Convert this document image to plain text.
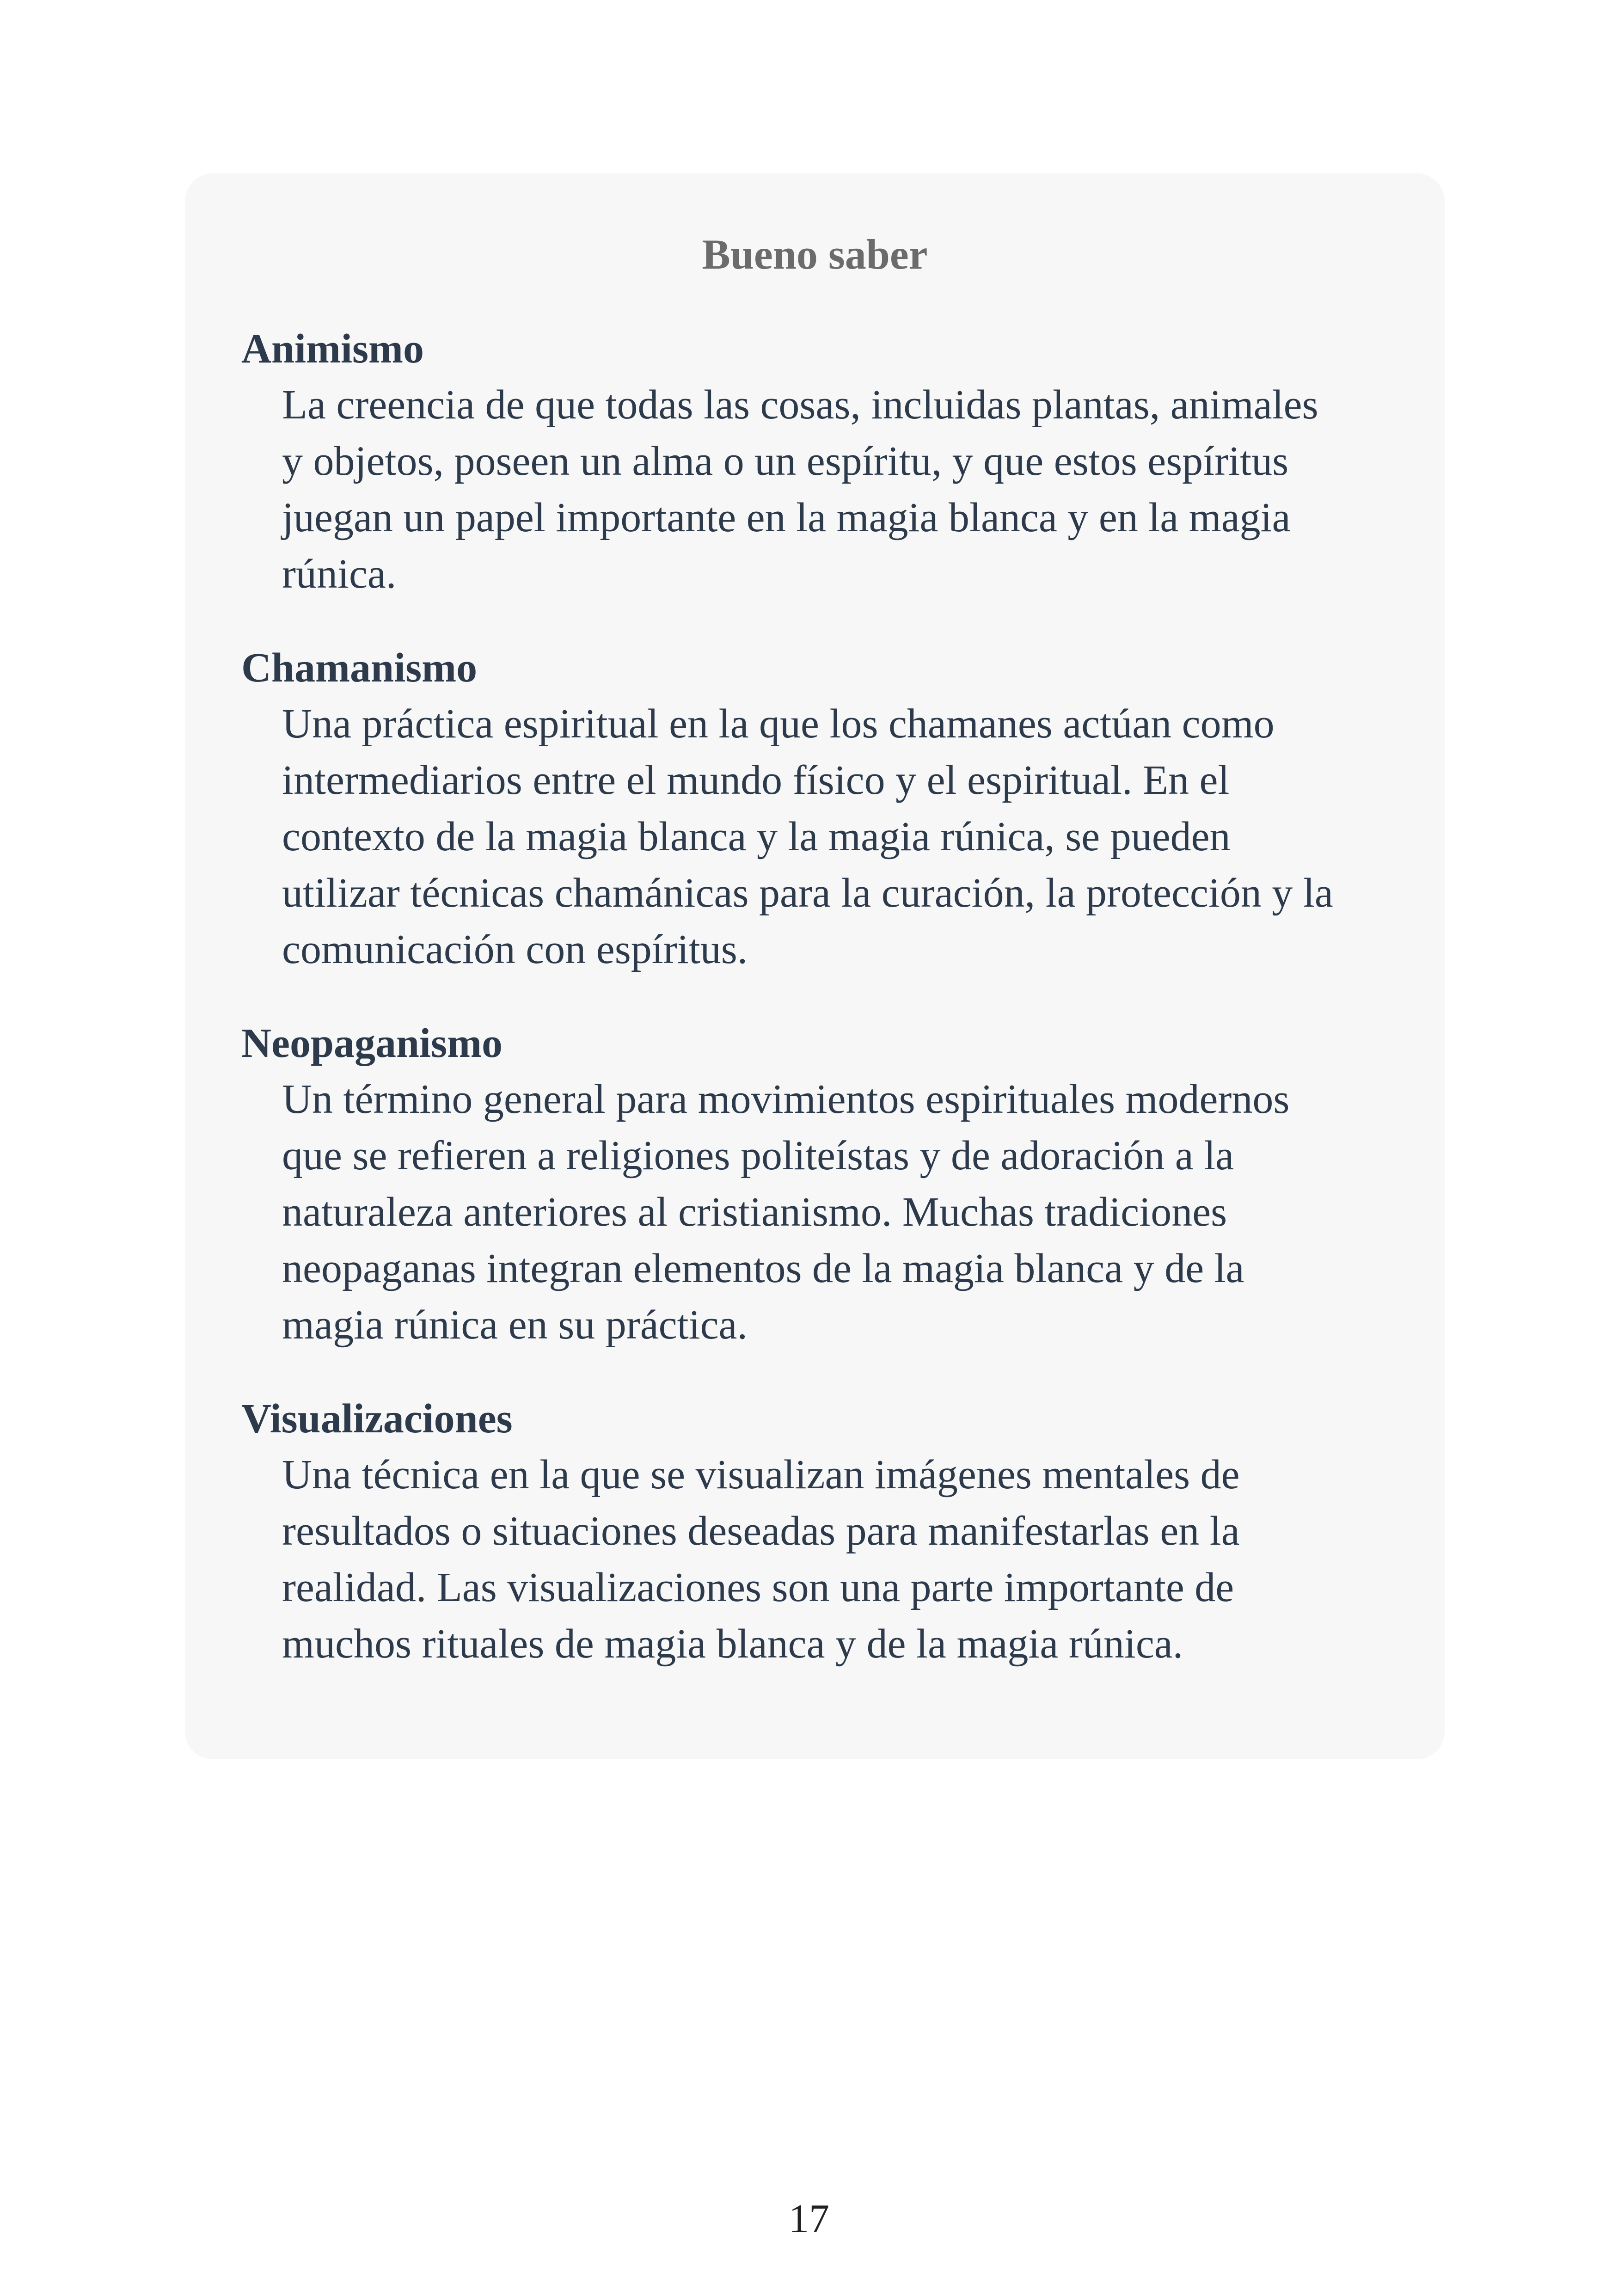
Bueno saber

Animismo

La creencia de que todas las cosas, incluidas plantas, animales
y objetos, poseen un alma o un espíritu, y que estos espíritus
juegan un papel importante en la magia blanca y en la magia
rúnica.

Chamanismo

Una práctica espiritual en la que los chamanes actúan como
intermediarios entre el mundo físico y el espiritual. En el
contexto de la magia blanca y la magia rúnica, se pueden
utilizar técnicas chamánicas para la curación, la protección y la
comunicación con espíritus.

Neopaganismo

Un término general para movimientos espirituales modernos
que se refieren a religiones politeístas y de adoración a la
naturaleza anteriores al cristianismo. Muchas tradiciones
neopaganas integran elementos de la magia blanca y de la
magia rúnica en su práctica.

Visualizaciones

Una técnica en la que se visualizan imágenes mentales de
resultados o situaciones deseadas para manifestarlas en la
realidad. Las visualizaciones son una parte importante de
muchos rituales de magia blanca y de la magia rúnica.

17
